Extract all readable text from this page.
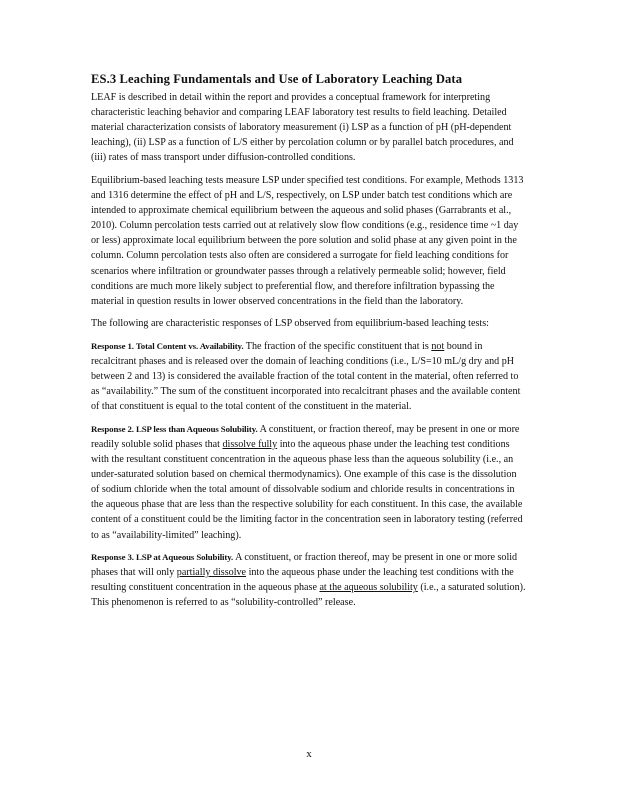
ES.3 Leaching Fundamentals and Use of Laboratory Leaching Data

LEAF is described in detail within the report and provides a conceptual framework for interpreting characteristic leaching behavior and comparing LEAF laboratory test results to field leaching. Detailed material characterization consists of laboratory measurement (i) LSP as a function of pH (pH‐dependent leaching), (ii) LSP as a function of L/S either by percolation column or by parallel batch procedures, and (iii) rates of mass transport under diffusion‐controlled conditions.

Equilibrium‐based leaching tests measure LSP under specified test conditions. For example, Methods 1313 and 1316 determine the effect of pH and L/S, respectively, on LSP under batch test conditions which are intended to approximate chemical equilibrium between the aqueous and solid phases (Garrabrants et al., 2010). Column percolation tests carried out at relatively slow flow conditions (e.g., residence time ~1 day or less) approximate local equilibrium between the pore solution and solid phase at any given point in the column. Column percolation tests also often are considered a surrogate for field leaching conditions for scenarios where infiltration or groundwater passes through a relatively permeable solid; however, field conditions are much more likely subject to preferential flow, and therefore infiltration bypassing the material in question results in lower observed concentrations in the field than the laboratory.

The following are characteristic responses of LSP observed from equilibrium‐based leaching tests:

Response 1. Total Content vs. Availability. The fraction of the specific constituent that is not bound in recalcitrant phases and is released over the domain of leaching conditions (i.e., L/S=10 mL/g dry and pH between 2 and 13) is considered the available fraction of the total content in the material, often referred to as “availability.” The sum of the constituent incorporated into recalcitrant phases and the available content of that constituent is equal to the total content of the constituent in the material.

Response 2. LSP less than Aqueous Solubility. A constituent, or fraction thereof, may be present in one or more readily soluble solid phases that dissolve fully into the aqueous phase under the leaching test conditions with the resultant constituent concentration in the aqueous phase less than the aqueous solubility (i.e., an under‐saturated solution based on chemical thermodynamics). One example of this case is the dissolution of sodium chloride when the total amount of dissolvable sodium and chloride results in concentrations in the aqueous phase that are less than the respective solubility for each constituent. In this case, the available content of a constituent could be the limiting factor in the concentration seen in laboratory testing (referred to as “availability‐limited” leaching).

Response 3. LSP at Aqueous Solubility. A constituent, or fraction thereof, may be present in one or more solid phases that will only partially dissolve into the aqueous phase under the leaching test conditions with the resulting constituent concentration in the aqueous phase at the aqueous solubility (i.e., a saturated solution). This phenomenon is referred to as “solubility‐controlled” release.

x
